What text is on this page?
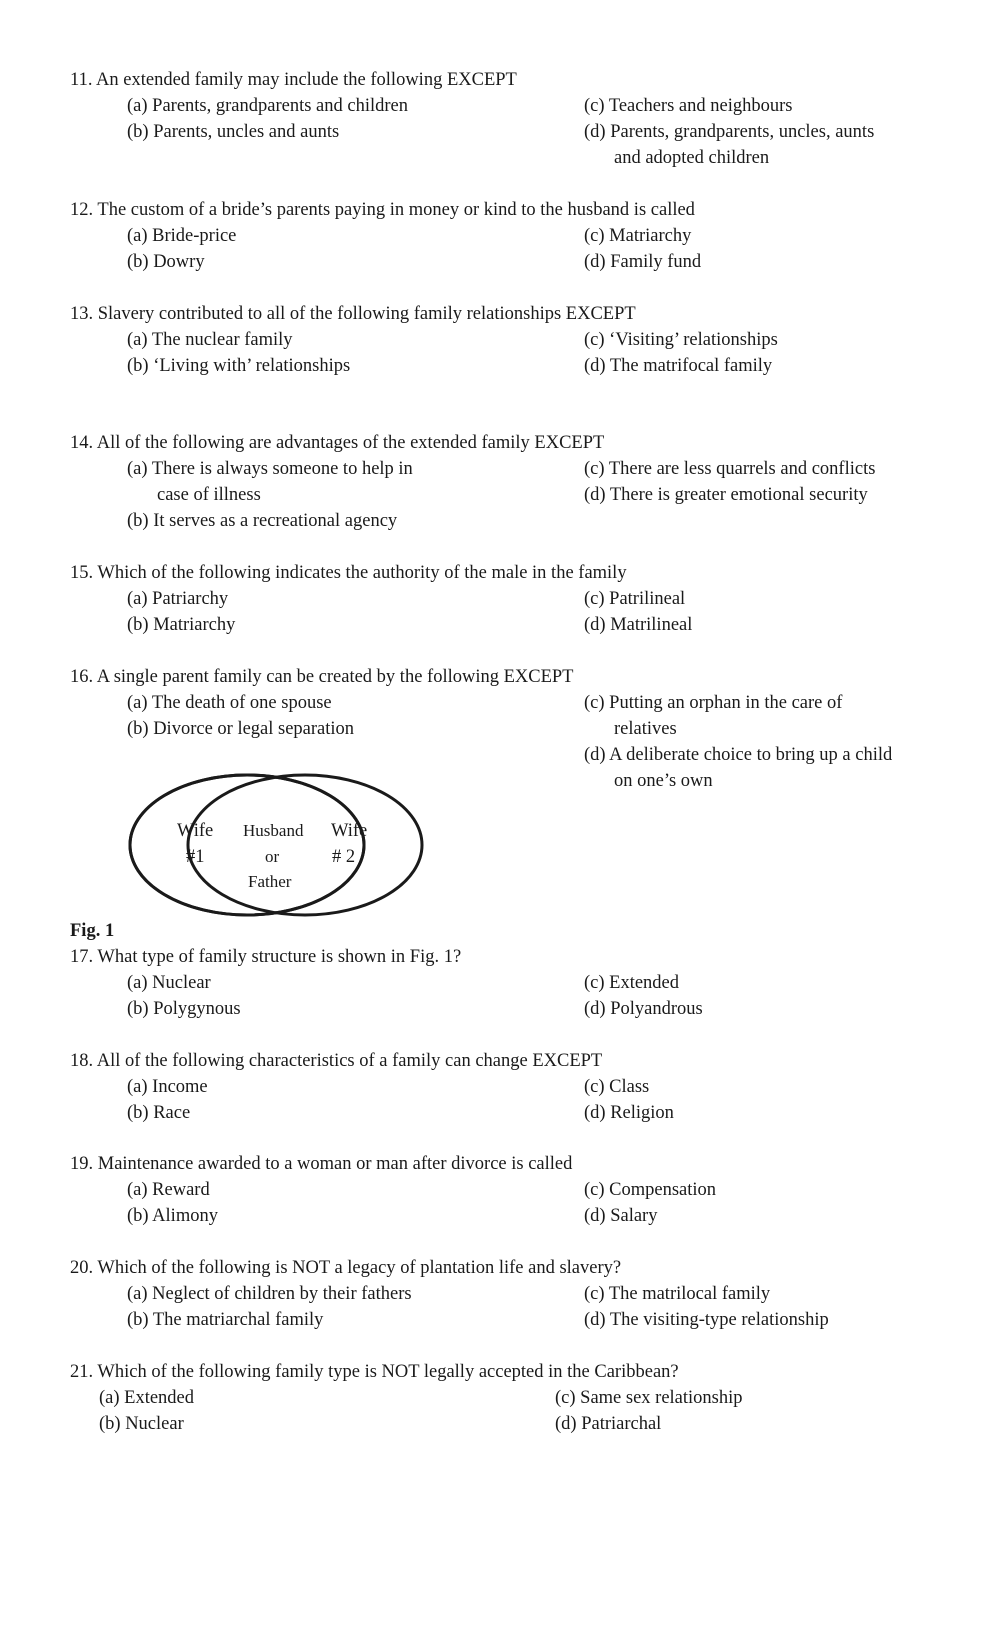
11. An extended family may include the following EXCEPT
(a) Parents, grandparents and children
(b) Parents, uncles and aunts
(c) Teachers and neighbours
(d) Parents, grandparents, uncles, aunts
and adopted children
12. The custom of a bride’s parents paying in money or kind to the husband is called
(a) Bride-price
(b) Dowry
(c) Matriarchy
(d) Family fund
13. Slavery contributed to all of the following family relationships EXCEPT
(a) The nuclear family
(b) ‘Living with’ relationships
(c) ‘Visiting’ relationships
(d) The matrifocal family
14. All of the following are advantages of the extended family EXCEPT
(a) There is always someone to help in
case of illness
(b) It serves as a recreational agency
(c) There are less quarrels and conflicts
(d) There is greater emotional security
15. Which of the following indicates the authority of the male in the family
(a) Patriarchy
(b) Matriarchy
(c) Patrilineal
(d) Matrilineal
16. A single parent family can be created by the following EXCEPT
(a) The death of one spouse
(b) Divorce or legal separation
(c) Putting an orphan in the care of
relatives
(d) A deliberate choice to bring up a child
on one’s own
Wife
#1
Husband
or
Father
Wife
# 2
Fig. 1
17. What type of family structure is shown in Fig. 1?
(a) Nuclear
(b) Polygynous
(c) Extended
(d) Polyandrous
18. All of the following characteristics of a family can change EXCEPT
(a) Income
(b) Race
(c) Class
(d) Religion
19. Maintenance awarded to a woman or man after divorce is called
(a) Reward
(b) Alimony
(c) Compensation
(d) Salary
20. Which of the following is NOT a legacy of plantation life and slavery?
(a) Neglect of children by their fathers
(b) The matriarchal family
(c) The matrilocal family
(d) The visiting-type relationship
21. Which of the following family type is NOT legally accepted in the Caribbean?
(a) Extended
(b) Nuclear
(c) Same sex relationship
(d) Patriarchal
